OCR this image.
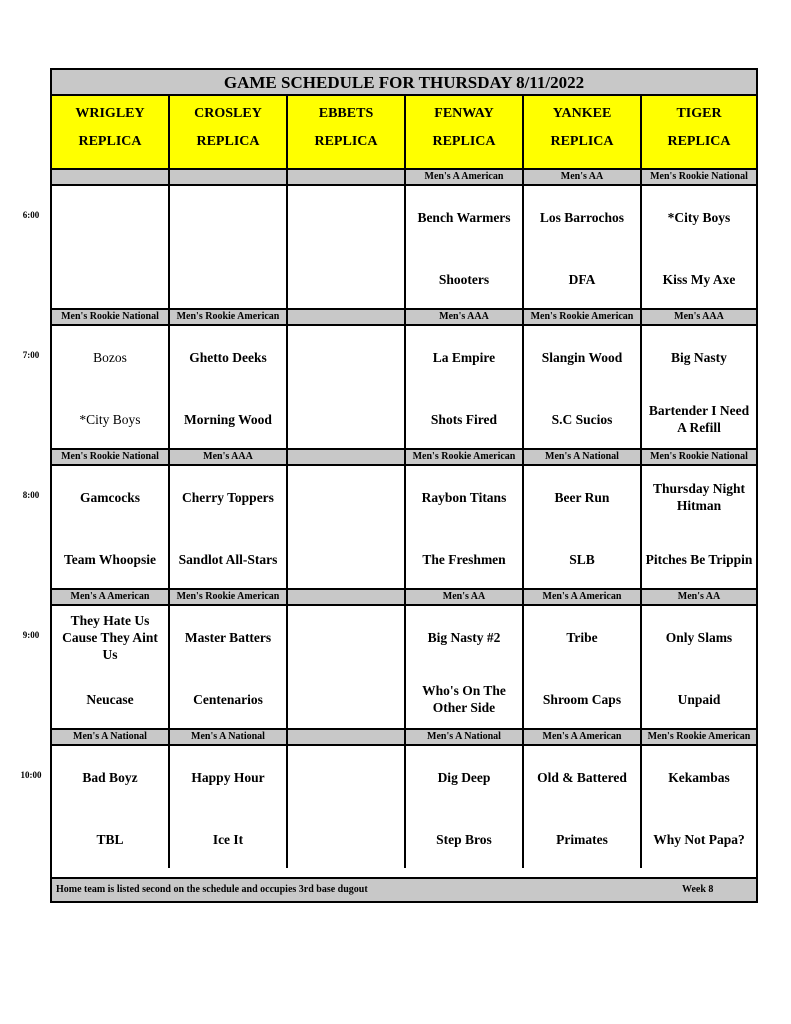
GAME SCHEDULE FOR THURSDAY 8/11/2022
WRIGLEY
REPLICA
CROSLEY
REPLICA
EBBETS
REPLICA
FENWAY
REPLICA
YANKEE
REPLICA
TIGER
REPLICA
Men's A American
Bench Warmers
Shooters
Men's AA
Los Barrochos
DFA
Men's Rookie National
*City Boys
Kiss My Axe
Men's Rookie National
Bozos
*City Boys
Men's Rookie American
Ghetto Deeks
Morning Wood
Men's AAA
La Empire
Shots Fired
Men's Rookie American
Slangin Wood
S.C Sucios
Men's AAA
Big Nasty
Bartender I Need A Refill
Men's Rookie National
Gamcocks
Team Whoopsie
Men's AAA
Cherry Toppers
Sandlot All-Stars
Men's Rookie American
Raybon Titans
The Freshmen
Men's A National
Beer Run
SLB
Men's Rookie National
Thursday Night Hitman
Pitches Be Trippin
Men's A American
They Hate Us Cause They Aint Us
Neucase
Men's Rookie American
Master Batters
Centenarios
Men's AA
Big Nasty #2
Who's On The Other Side
Men's A American
Tribe
Shroom Caps
Men's AA
Only Slams
Unpaid
Men's A National
Bad Boyz
TBL
Men's A National
Happy Hour
Ice It
Men's A National
Dig Deep
Step Bros
Men's A American
Old & Battered
Primates
Men's Rookie American
Kekambas
Why Not Papa?
Home team is listed second on the schedule and occupies 3rd base dugout	Week 8
6:00
7:00
8:00
9:00
10:00
